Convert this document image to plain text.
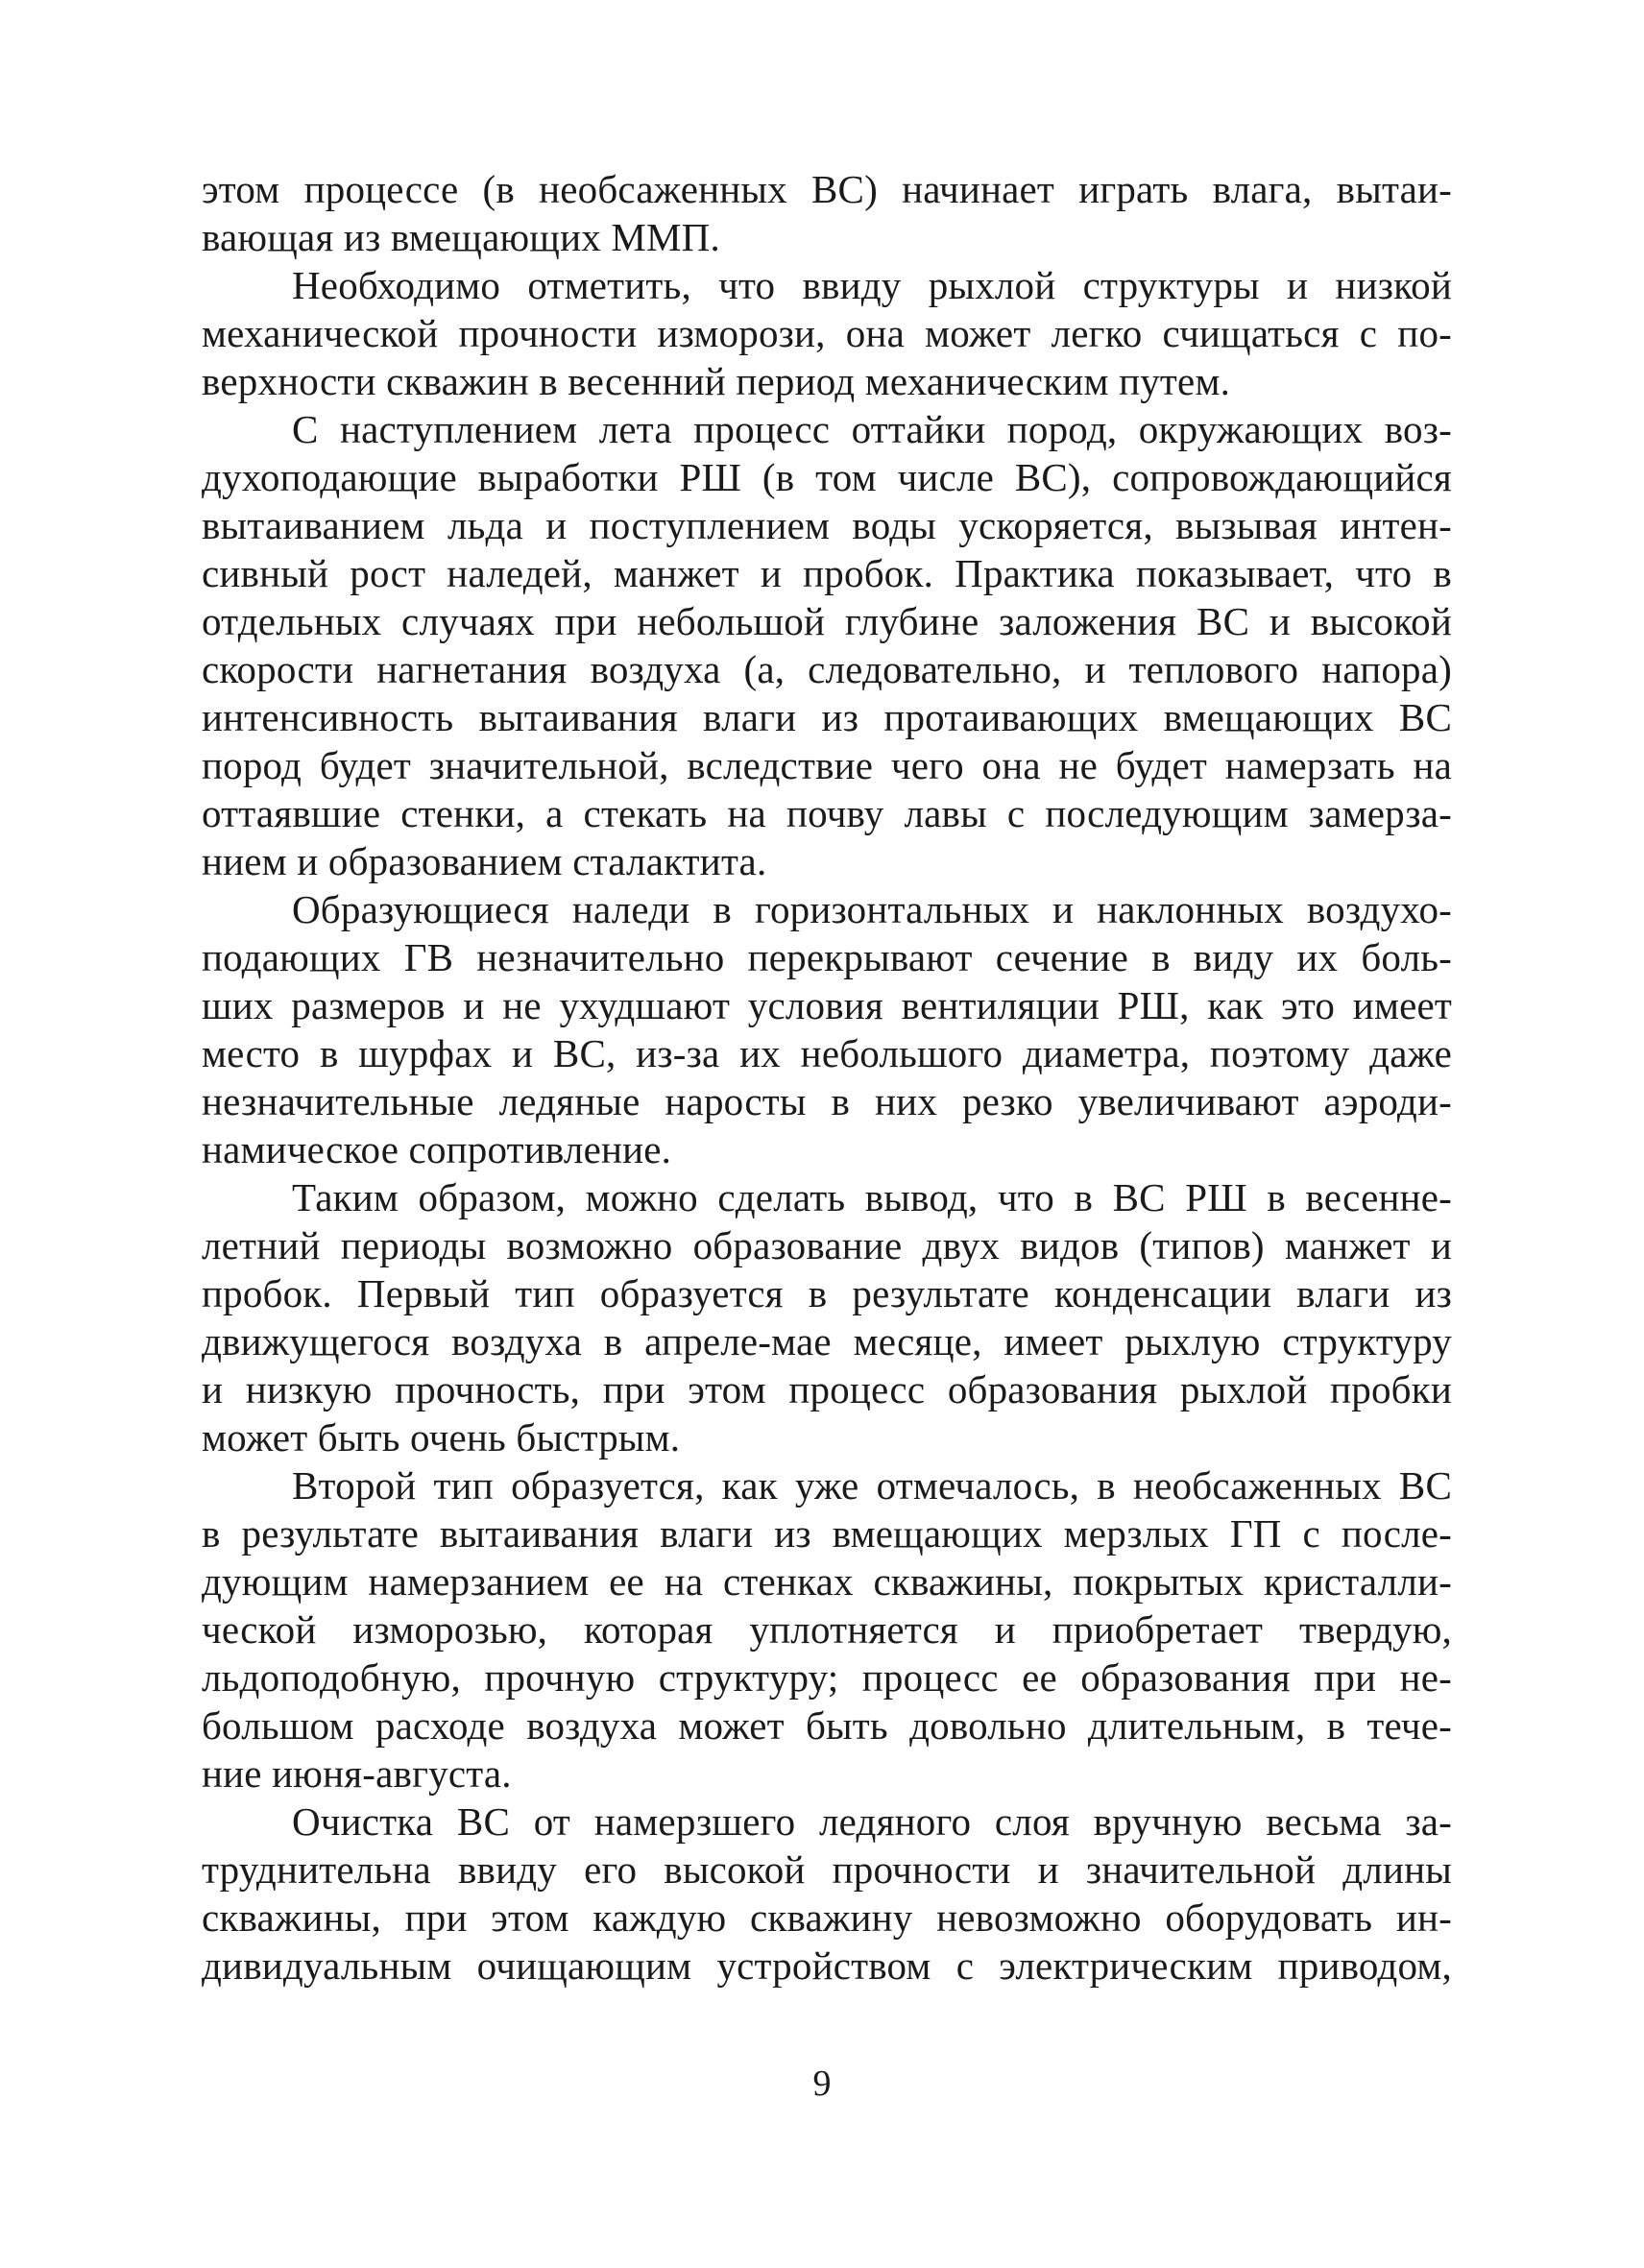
этом процессе (в необсаженных ВС) начинает играть влага, вытаи-
вающая из вмещающих ММП.
Необходимо отметить, что ввиду рыхлой структуры и низкой
механической прочности изморози, она может легко счищаться с по-
верхности скважин в весенний период механическим путем.
С наступлением лета процесс оттайки пород, окружающих воз-
духоподающие выработки РШ (в том числе ВС), сопровождающийся
вытаиванием льда и поступлением воды ускоряется, вызывая интен-
сивный рост наледей, манжет и пробок. Практика показывает, что в
отдельных случаях при небольшой глубине заложения ВС и высокой
скорости нагнетания воздуха (а, следовательно, и теплового напора)
интенсивность вытаивания влаги из протаивающих вмещающих ВС
пород будет значительной, вследствие чего она не будет намерзать на
оттаявшие стенки, а стекать на почву лавы с последующим замерза-
нием и образованием сталактита.
Образующиеся наледи в горизонтальных и наклонных воздухо-
подающих ГВ незначительно перекрывают сечение в виду их боль-
ших размеров и не ухудшают условия вентиляции РШ, как это имеет
место в шурфах и ВС, из-за их небольшого диаметра, поэтому даже
незначительные ледяные наросты в них резко увеличивают аэроди-
намическое сопротивление.
Таким образом, можно сделать вывод, что в ВС РШ в весенне-
летний периоды возможно образование двух видов (типов) манжет и
пробок. Первый тип образуется в результате конденсации влаги из
движущегося воздуха в апреле-мае месяце, имеет рыхлую структуру
и низкую прочность, при этом процесс образования рыхлой пробки
может быть очень быстрым.
Второй тип образуется, как уже отмечалось, в необсаженных ВС
в результате вытаивания влаги из вмещающих мерзлых ГП с после-
дующим намерзанием ее на стенках скважины, покрытых кристалли-
ческой изморозью, которая уплотняется и приобретает твердую,
льдоподобную, прочную структуру; процесс ее образования при не-
большом расходе воздуха может быть довольно длительным, в тече-
ние июня-августа.
Очистка ВС от намерзшего ледяного слоя вручную весьма за-
труднительна ввиду его высокой прочности и значительной длины
скважины, при этом каждую скважину невозможно оборудовать ин-
дивидуальным очищающим устройством с электрическим приводом,
9
